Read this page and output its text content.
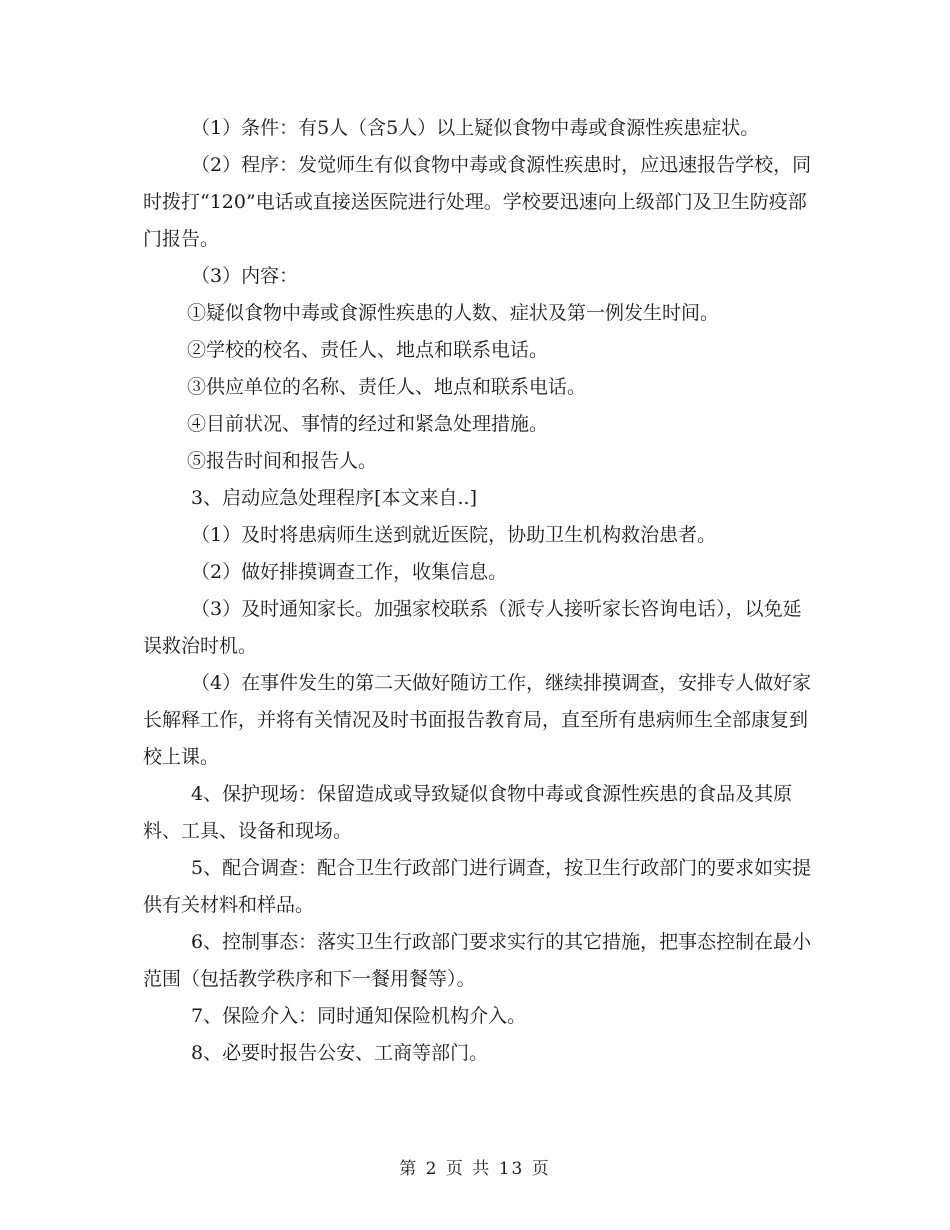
（1）条件：有5人（含5人）以上疑似食物中毒或食源性疾患症状。

（2）程序：发觉师生有似食物中毒或食源性疾患时，应迅速报告学校，同时拨打“120”电话或直接送医院进行处理。学校要迅速向上级部门及卫生防疫部门报告。

（3）内容：

①疑似食物中毒或食源性疾患的人数、症状及第一例发生时间。

②学校的校名、责任人、地点和联系电话。

③供应单位的名称、责任人、地点和联系电话。

④目前状况、事情的经过和紧急处理措施。

⑤报告时间和报告人。

3、启动应急处理程序[本文来自..]

（1）及时将患病师生送到就近医院，协助卫生机构救治患者。

（2）做好排摸调查工作，收集信息。

（3）及时通知家长。加强家校联系（派专人接听家长咨询电话），以免延误救治时机。

（4）在事件发生的第二天做好随访工作，继续排摸调查，安排专人做好家长解释工作，并将有关情况及时书面报告教育局，直至所有患病师生全部康复到校上课。

4、保护现场：保留造成或导致疑似食物中毒或食源性疾患的食品及其原料、工具、设备和现场。

5、配合调查：配合卫生行政部门进行调查，按卫生行政部门的要求如实提供有关材料和样品。

6、控制事态：落实卫生行政部门要求实行的其它措施，把事态控制在最小范围（包括教学秩序和下一餐用餐等）。

7、保险介入：同时通知保险机构介入。

8、必要时报告公安、工商等部门。

第 2 页 共 13 页
